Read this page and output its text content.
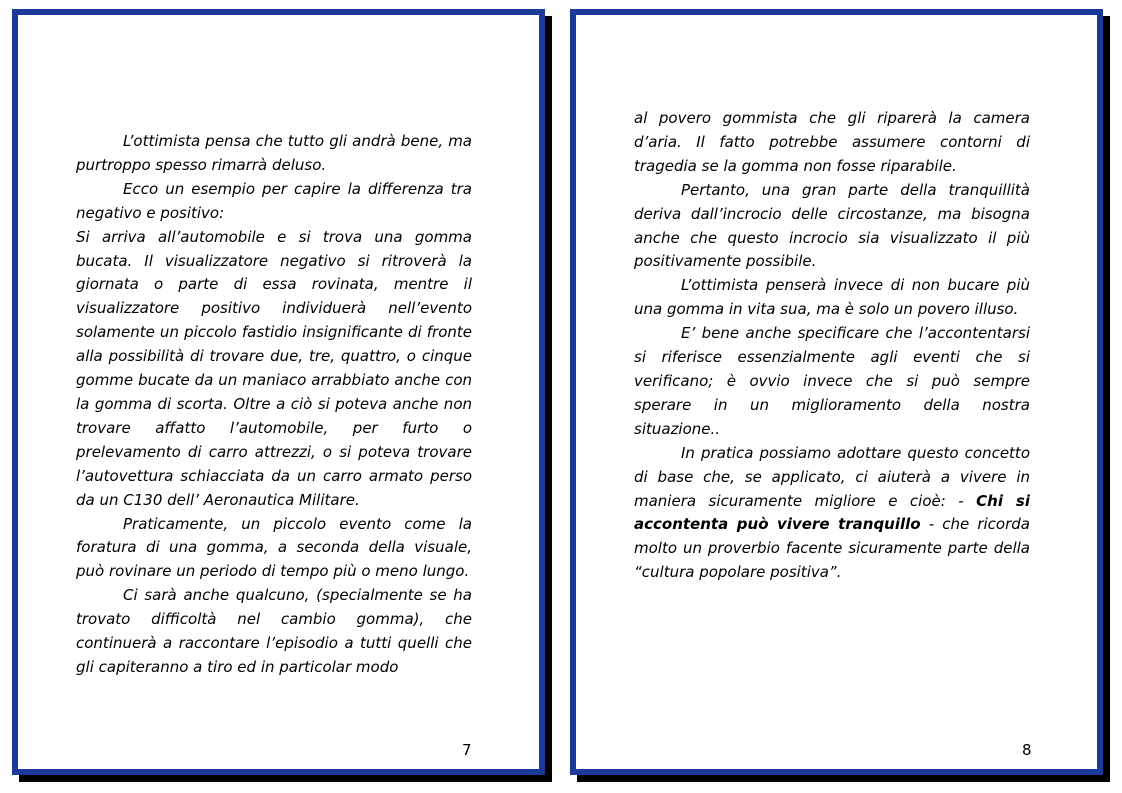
L’ottimista pensa che tutto gli andrà bene, ma purtroppo spesso rimarrà deluso.

Ecco un esempio per capire la differenza tra negativo e positivo:

Si arriva all’automobile e si trova una gomma bucata. Il visualizzatore negativo si ritroverà la giornata o parte di essa rovinata, mentre il visualizzatore positivo individuerà nell’evento solamente un piccolo fastidio insignificante di fronte alla possibilità di trovare due, tre, quattro, o cinque gomme bucate da un maniaco arrabbiato anche con la gomma di scorta. Oltre a ciò si poteva anche non trovare affatto l’automobile, per furto o prelevamento di carro attrezzi, o si poteva trovare l’autovettura schiacciata da un carro armato perso da un C130 dell’ Aeronautica Militare.

Praticamente, un piccolo evento come la foratura di una gomma, a seconda della visuale, può rovinare un periodo di tempo più o meno lungo.

Ci sarà anche qualcuno, (specialmente se ha trovato difficoltà nel cambio gomma), che continuerà a raccontare l’episodio a tutti quelli che gli capiteranno a tiro ed in particolar modo

7

al povero gommista che gli riparerà la camera d’aria. Il fatto potrebbe assumere contorni di tragedia se la gomma non fosse riparabile.

Pertanto, una gran parte della tranquillità deriva dall’incrocio delle circostanze, ma bisogna anche che questo incrocio sia visualizzato il più positivamente possibile.

L’ottimista penserà invece di non bucare più una gomma in vita sua, ma è solo un povero illuso.

E’ bene anche specificare che l’accontentarsi si riferisce essenzialmente agli eventi che si verificano; è ovvio invece che si può sempre sperare in un miglioramento della nostra situazione..

In pratica possiamo adottare questo concetto di base che, se applicato, ci aiuterà a vivere in maniera sicuramente migliore e cioè: - Chi si accontenta può vivere tranquillo - che ricorda molto un proverbio facente sicuramente parte della “cultura popolare positiva”.

8
